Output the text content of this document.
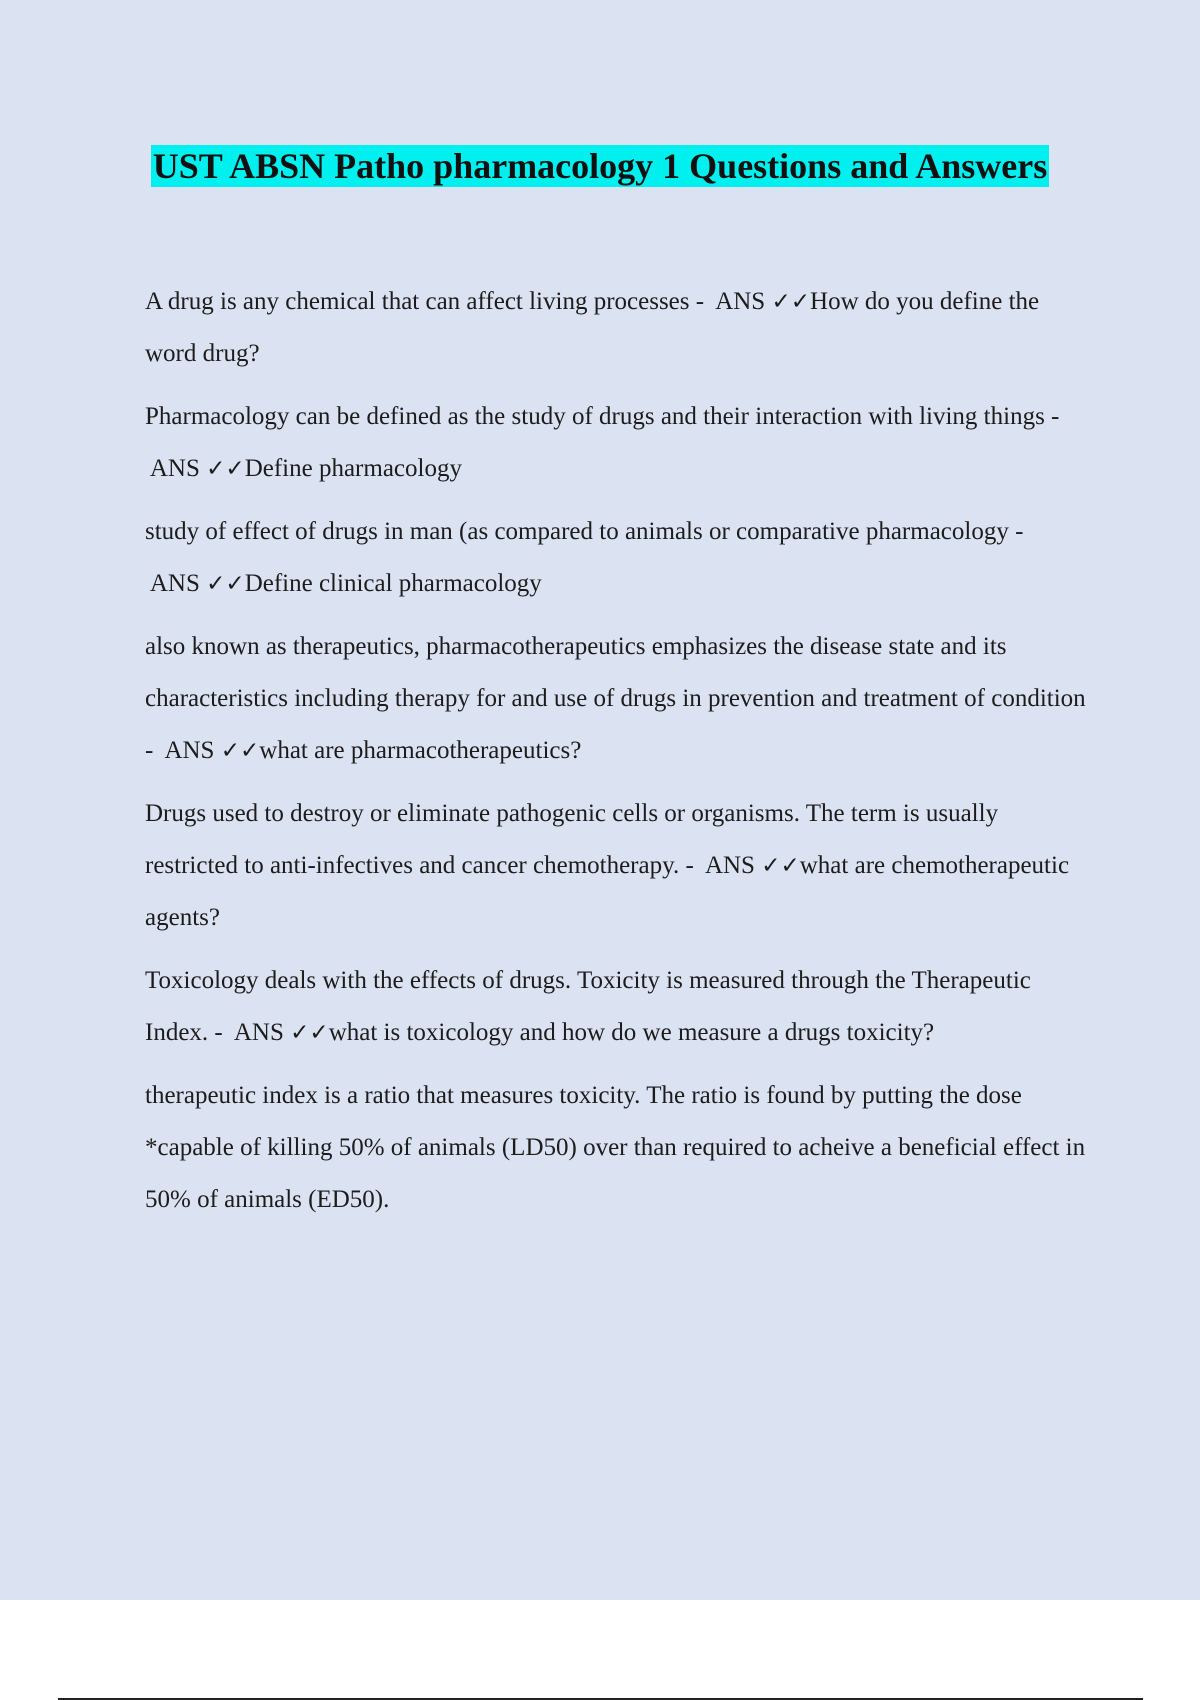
UST ABSN Patho pharmacology 1 Questions and Answers
A drug is any chemical that can affect living processes -  ANS ✓✓How do you define the word drug?
Pharmacology can be defined as the study of drugs and their interaction with living things -  ANS ✓✓Define pharmacology
study of effect of drugs in man (as compared to animals or comparative pharmacology -  ANS ✓✓Define clinical pharmacology
also known as therapeutics, pharmacotherapeutics emphasizes the disease state and its characteristics including therapy for and use of drugs in prevention and treatment of condition -  ANS ✓✓what are pharmacotherapeutics?
Drugs used to destroy or eliminate pathogenic cells or organisms. The term is usually restricted to anti-infectives and cancer chemotherapy. -  ANS ✓✓what are chemotherapeutic agents?
Toxicology deals with the effects of drugs. Toxicity is measured through the Therapeutic Index. -  ANS ✓✓what is toxicology and how do we measure a drugs toxicity?
therapeutic index is a ratio that measures toxicity. The ratio is found by putting the dose *capable of killing 50% of animals (LD50) over than required to acheive a beneficial effect in 50% of animals (ED50).
